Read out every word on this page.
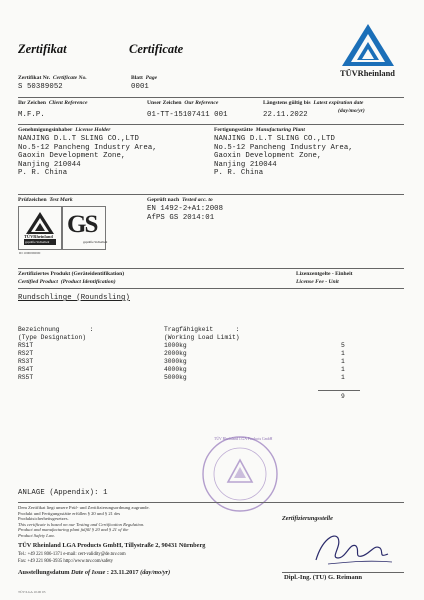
Zertifikat	Certificate
TÜVRheinland
Zertifikat Nr. Certificate No.	Blatt Page
S 50389052	0001
Ihr Zeichen Client Reference	Unser Zeichen Our Reference	Längstens gültig bis Latest expiration date
(day/mo/yr)
M.F.P.	01-TT-15107411 001	22.11.2022
Genehmigungsinhaber License Holder	Fertigungsstätte Manufacturing Plant
NANJING D.L.T SLING CO.,LTD
No.5-12 Pancheng Industry Area,
Gaoxin Development Zone,
Nanjing 210044
P. R. China
NANJING D.L.T SLING CO.,LTD
No.5-12 Pancheng Industry Area,
Gaoxin Development Zone,
Nanjing 210044
P. R. China
Prüfzeichen Test Mark	Geprüft nach Tested acc. to
EN 1492-2+A1:2008
AfPS GS 2014:01
TÜVRheinland
geprüfte Sicherheit
GS
geprüfte Sicherheit
ID 1000000000
Zertifiziertes Produkt (Geräteidentifikation)
Certified Product (Product Identification)
Lizenzentgelte - Einheit
License Fee - Unit
Rundschlinge (Roundsling)
Bezeichnung        :
(Type Designation)
Tragfähigkeit      :
(Working Load Limit)
RS1T	1000kg	5
RS2T	2000kg	1
RS3T	3000kg	1
RS4T	4000kg	1
RS5T	5000kg	1
9
TÜV Rheinland LGA Products GmbH
ANLAGE (Appendix): 1
Dem Zertifikat liegt unsere Prüf- und Zertifizierungsordnung zugrunde.
Produkt und Fertigungsstätte erfüllen § 20 und § 21 des
Produktsicherheitsgesetzes.
This certificate is based on our Testing and Certification Regulation.
Product and manufacturing plant fulfill § 20 and § 21 of the
Product Safety Law.
TÜV Rheinland LGA Products GmbH, Tillystraße 2, 90431 Nürnberg
Tel.: +49 221 806-1371 e-mail: cert-validity@de.tuv.com
Fax: +49 221 806-3935 http://www.tuv.com/safety
Ausstellungsdatum Date of Issue : 23.11.2017 (day/mo/yr)
Zertifizierungsstelle
Dipl.-Ing. (TU) G. Reimann
TÜV/LGA 10.00 03
